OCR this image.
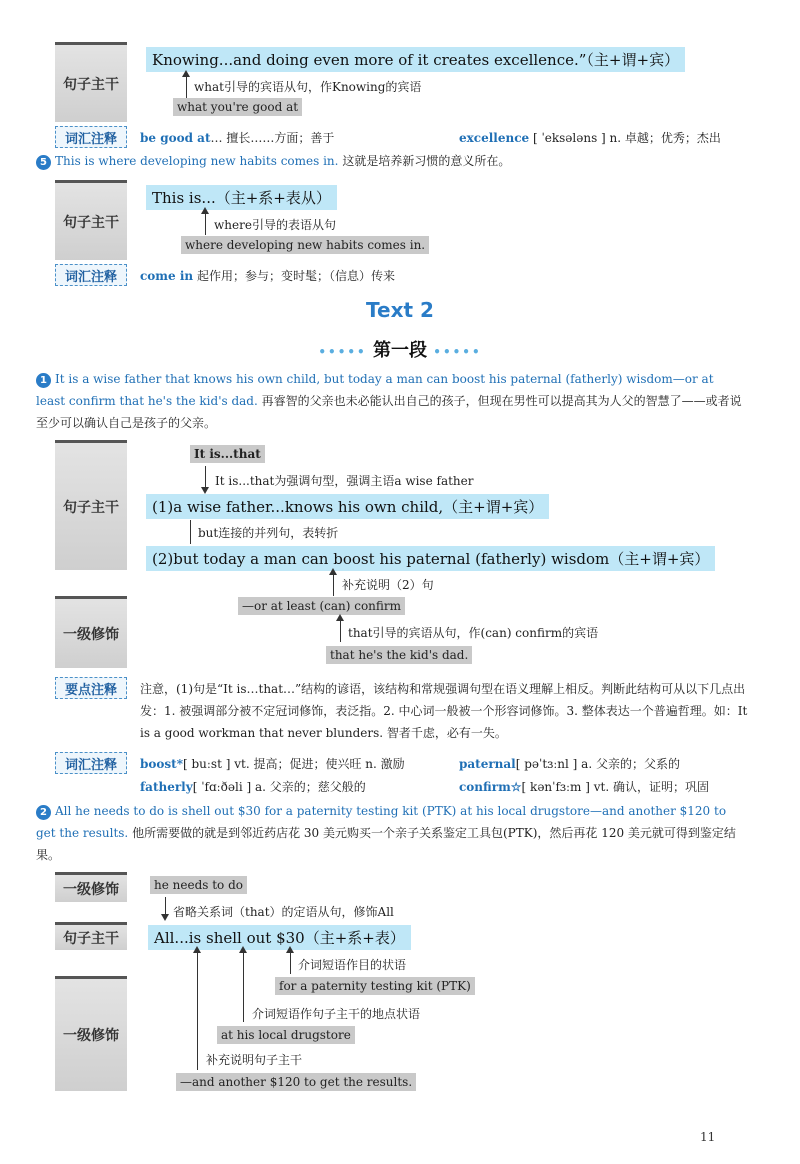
句子主干
Knowing...and doing even more of it creates excellence.”（主+谓+宾）
what引导的宾语从句，作Knowing的宾语
what you're good at
词汇注释 be good at… 擅长……方面；善于	excellence [ ˈeksələns ] n. 卓越；优秀；杰出
5 This is where developing new habits comes in. 这就是培养新习惯的意义所在。
句子主干
This is...（主+系+表从）
where引导的表语从句
where developing new habits comes in.
词汇注释 come in 起作用；参与；变时髦；（信息）传来
Text 2
••••• 第一段 •••••
1 It is a wise father that knows his own child, but today a man can boost his paternal (fatherly) wisdom—or at least confirm that he's the kid's dad. 再睿智的父亲也未必能认出自己的孩子，但现在男性可以提高其为人父的智慧了——或者说至少可以确认自己是孩子的父亲。
句子主干
It is...that
It is...that为强调句型，强调主语a wise father
(1)a wise father...knows his own child,（主+谓+宾）
but连接的并列句，表转折
(2)but today a man can boost his paternal (fatherly) wisdom（主+谓+宾）
一级修饰
补充说明（2）句
—or at least (can) confirm
that引导的宾语从句，作(can) confirm的宾语
that he's the kid's dad.
要点注释 注意，(1)句是“It is…that…”结构的谚语，该结构和常规强调句型在语义理解上相反。判断此结构可从以下几点出发：1. 被强调部分被不定冠词修饰，表泛指。2. 中心词一般被一个形容词修饰。3. 整体表达一个普遍哲理。如：It is a good workman that never blunders. 智者千虑，必有一失。
词汇注释 boost*[ buːst ] vt. 提高；促进；使兴旺 n. 激励	paternal[ pəˈtɜːnl ] a. 父亲的；父系的
fatherly[ ˈfɑːðəli ] a. 父亲的；慈父般的	confirm☆[ kənˈfɜːm ] vt. 确认，证明；巩固
2 All he needs to do is shell out $30 for a paternity testing kit (PTK) at his local drugstore—and another $120 to get the results. 他所需要做的就是到邻近药店花 30 美元购买一个亲子关系鉴定工具包(PTK)，然后再花 120 美元就可得到鉴定结果。
一级修饰	he needs to do
省略关系词（that）的定语从句，修饰All
句子主干	All...is shell out $30（主+系+表）
一级修饰
介词短语作目的状语
for a paternity testing kit (PTK)
介词短语作句子主干的地点状语
at his local drugstore
补充说明句子主干
—and another $120 to get the results.
11
